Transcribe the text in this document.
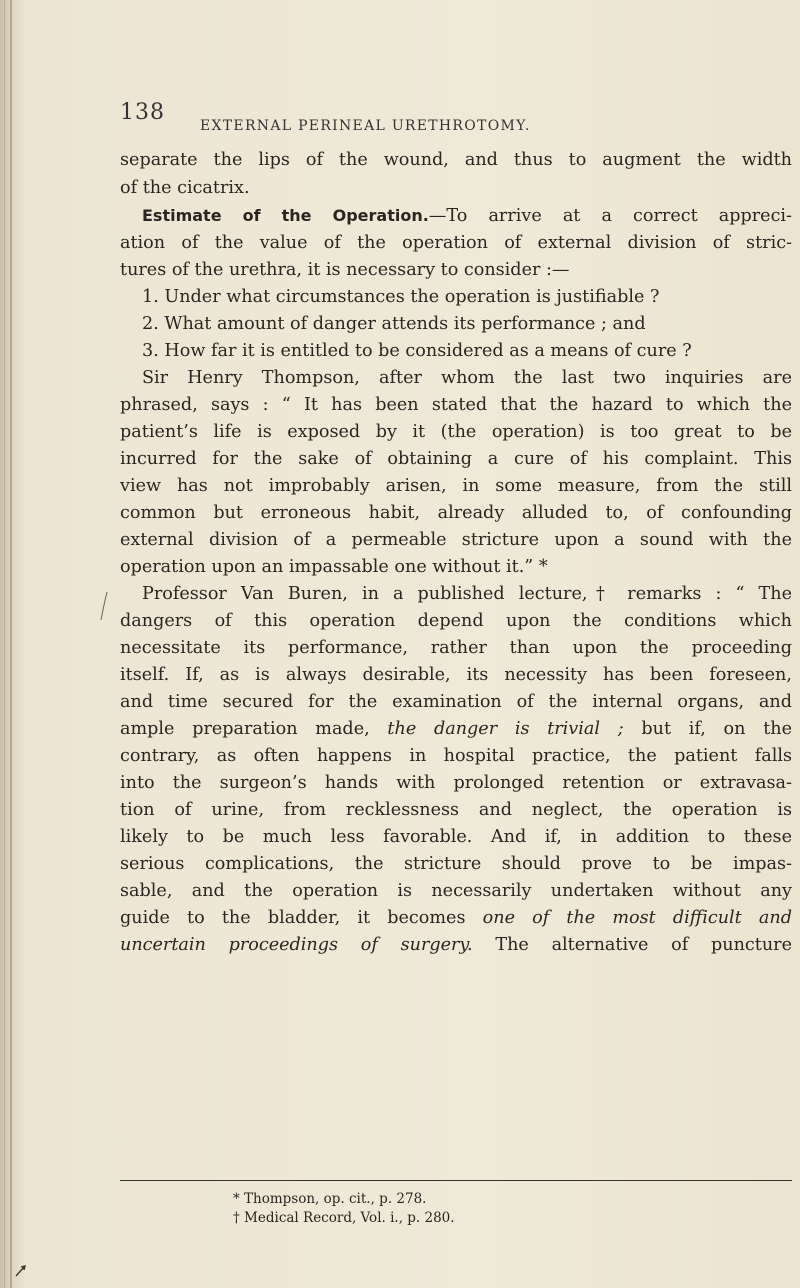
138
EXTERNAL PERINEAL URETHROTOMY.
separate the lips of the wound, and thus to augment the width
of the cicatrix.
Estimate of the Operation.—To arrive at a correct appreci-
ation of the value of the operation of external division of stric-
tures of the urethra, it is necessary to consider :—
1. Under what circumstances the operation is justifiable ?
2. What amount of danger attends its performance ; and
3. How far it is entitled to be considered as a means of cure ?
Sir Henry Thompson, after whom the last two inquiries are
phrased, says : “ It has been stated that the hazard to which the
patient’s life is exposed by it (the operation) is too great to be
incurred for the sake of obtaining a cure of his complaint. This
view has not improbably arisen, in some measure, from the still
common but erroneous habit, already alluded to, of confounding
external division of a permeable stricture upon a sound with the
operation upon an impassable one without it.” *
Professor Van Buren, in a published lecture,† remarks : “ The
dangers of this operation depend upon the conditions which
necessitate its performance, rather than upon the proceeding
itself. If, as is always desirable, its necessity has been foreseen,
and time secured for the examination of the internal organs, and
ample preparation made, the danger is trivial ; but if, on the
contrary, as often happens in hospital practice, the patient falls
into the surgeon’s hands with prolonged retention or extravasa-
tion of urine, from recklessness and neglect, the operation is
likely to be much less favorable. And if, in addition to these
serious complications, the stricture should prove to be impas-
sable, and the operation is necessarily undertaken without any
guide to the bladder, it becomes one of the most difficult and
uncertain proceedings of surgery. The alternative of puncture
* Thompson, op. cit., p. 278.
† Medical Record, Vol. i., p. 280.
